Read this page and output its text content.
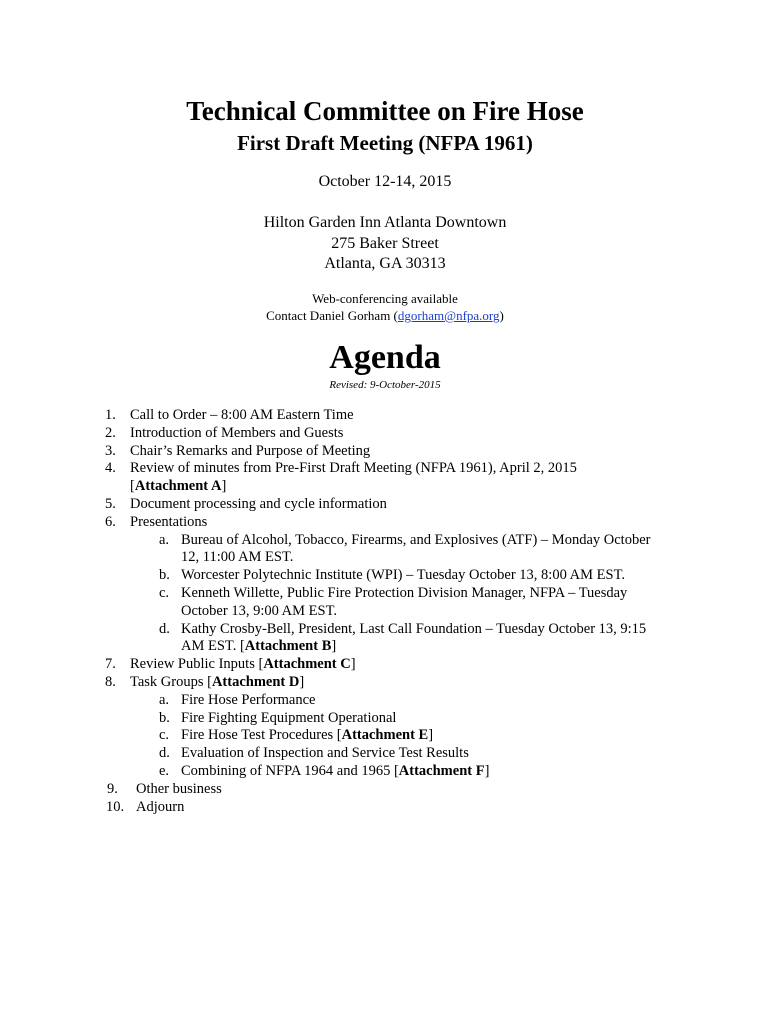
Technical Committee on Fire Hose
First Draft Meeting (NFPA 1961)
October 12-14, 2015
Hilton Garden Inn Atlanta Downtown
275 Baker Street
Atlanta, GA 30313
Web-conferencing available
Contact Daniel Gorham (dgorham@nfpa.org)
Agenda
Revised: 9-October-2015
1. Call to Order – 8:00 AM Eastern Time
2. Introduction of Members and Guests
3. Chair’s Remarks and Purpose of Meeting
4. Review of minutes from Pre-First Draft Meeting (NFPA 1961), April 2, 2015
[Attachment A]
5. Document processing and cycle information
6. Presentations
a. Bureau of Alcohol, Tobacco, Firearms, and Explosives (ATF) – Monday October
12, 11:00 AM EST.
b. Worcester Polytechnic Institute (WPI) – Tuesday October 13, 8:00 AM EST.
c. Kenneth Willette, Public Fire Protection Division Manager, NFPA – Tuesday
October 13, 9:00 AM EST.
d. Kathy Crosby-Bell, President, Last Call Foundation – Tuesday October 13, 9:15
AM EST. [Attachment B]
7. Review Public Inputs [Attachment C]
8. Task Groups [Attachment D]
a. Fire Hose Performance
b. Fire Fighting Equipment Operational
c. Fire Hose Test Procedures [Attachment E]
d. Evaluation of Inspection and Service Test Results
e. Combining of NFPA 1964 and 1965 [Attachment F]
9. Other business
10. Adjourn
